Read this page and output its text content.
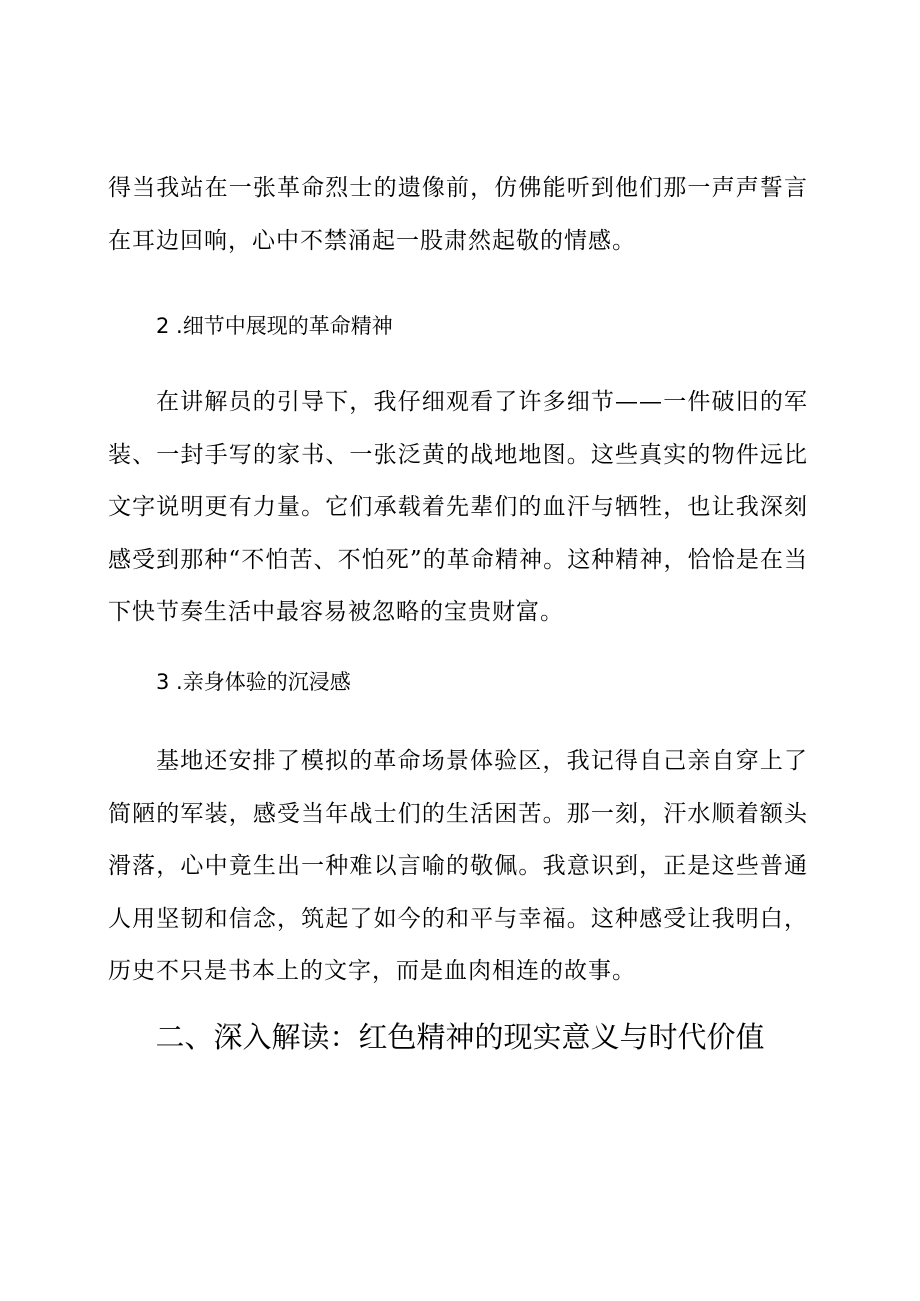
得当我站在一张革命烈士的遗像前，仿佛能听到他们那一声声誓言在耳边回响，心中不禁涌起一股肃然起敬的情感。

2 .细节中展现的革命精神

在讲解员的引导下，我仔细观看了许多细节——一件破旧的军装、一封手写的家书、一张泛黄的战地地图。这些真实的物件远比文字说明更有力量。它们承载着先辈们的血汗与牺牲，也让我深刻感受到那种“不怕苦、不怕死”的革命精神。这种精神，恰恰是在当下快节奏生活中最容易被忽略的宝贵财富。

3 .亲身体验的沉浸感

基地还安排了模拟的革命场景体验区，我记得自己亲自穿上了简陋的军装，感受当年战士们的生活困苦。那一刻，汗水顺着额头滑落，心中竟生出一种难以言喻的敬佩。我意识到，正是这些普通人用坚韧和信念，筑起了如今的和平与幸福。这种感受让我明白，历史不只是书本上的文字，而是血肉相连的故事。

二、深入解读：红色精神的现实意义与时代价值
